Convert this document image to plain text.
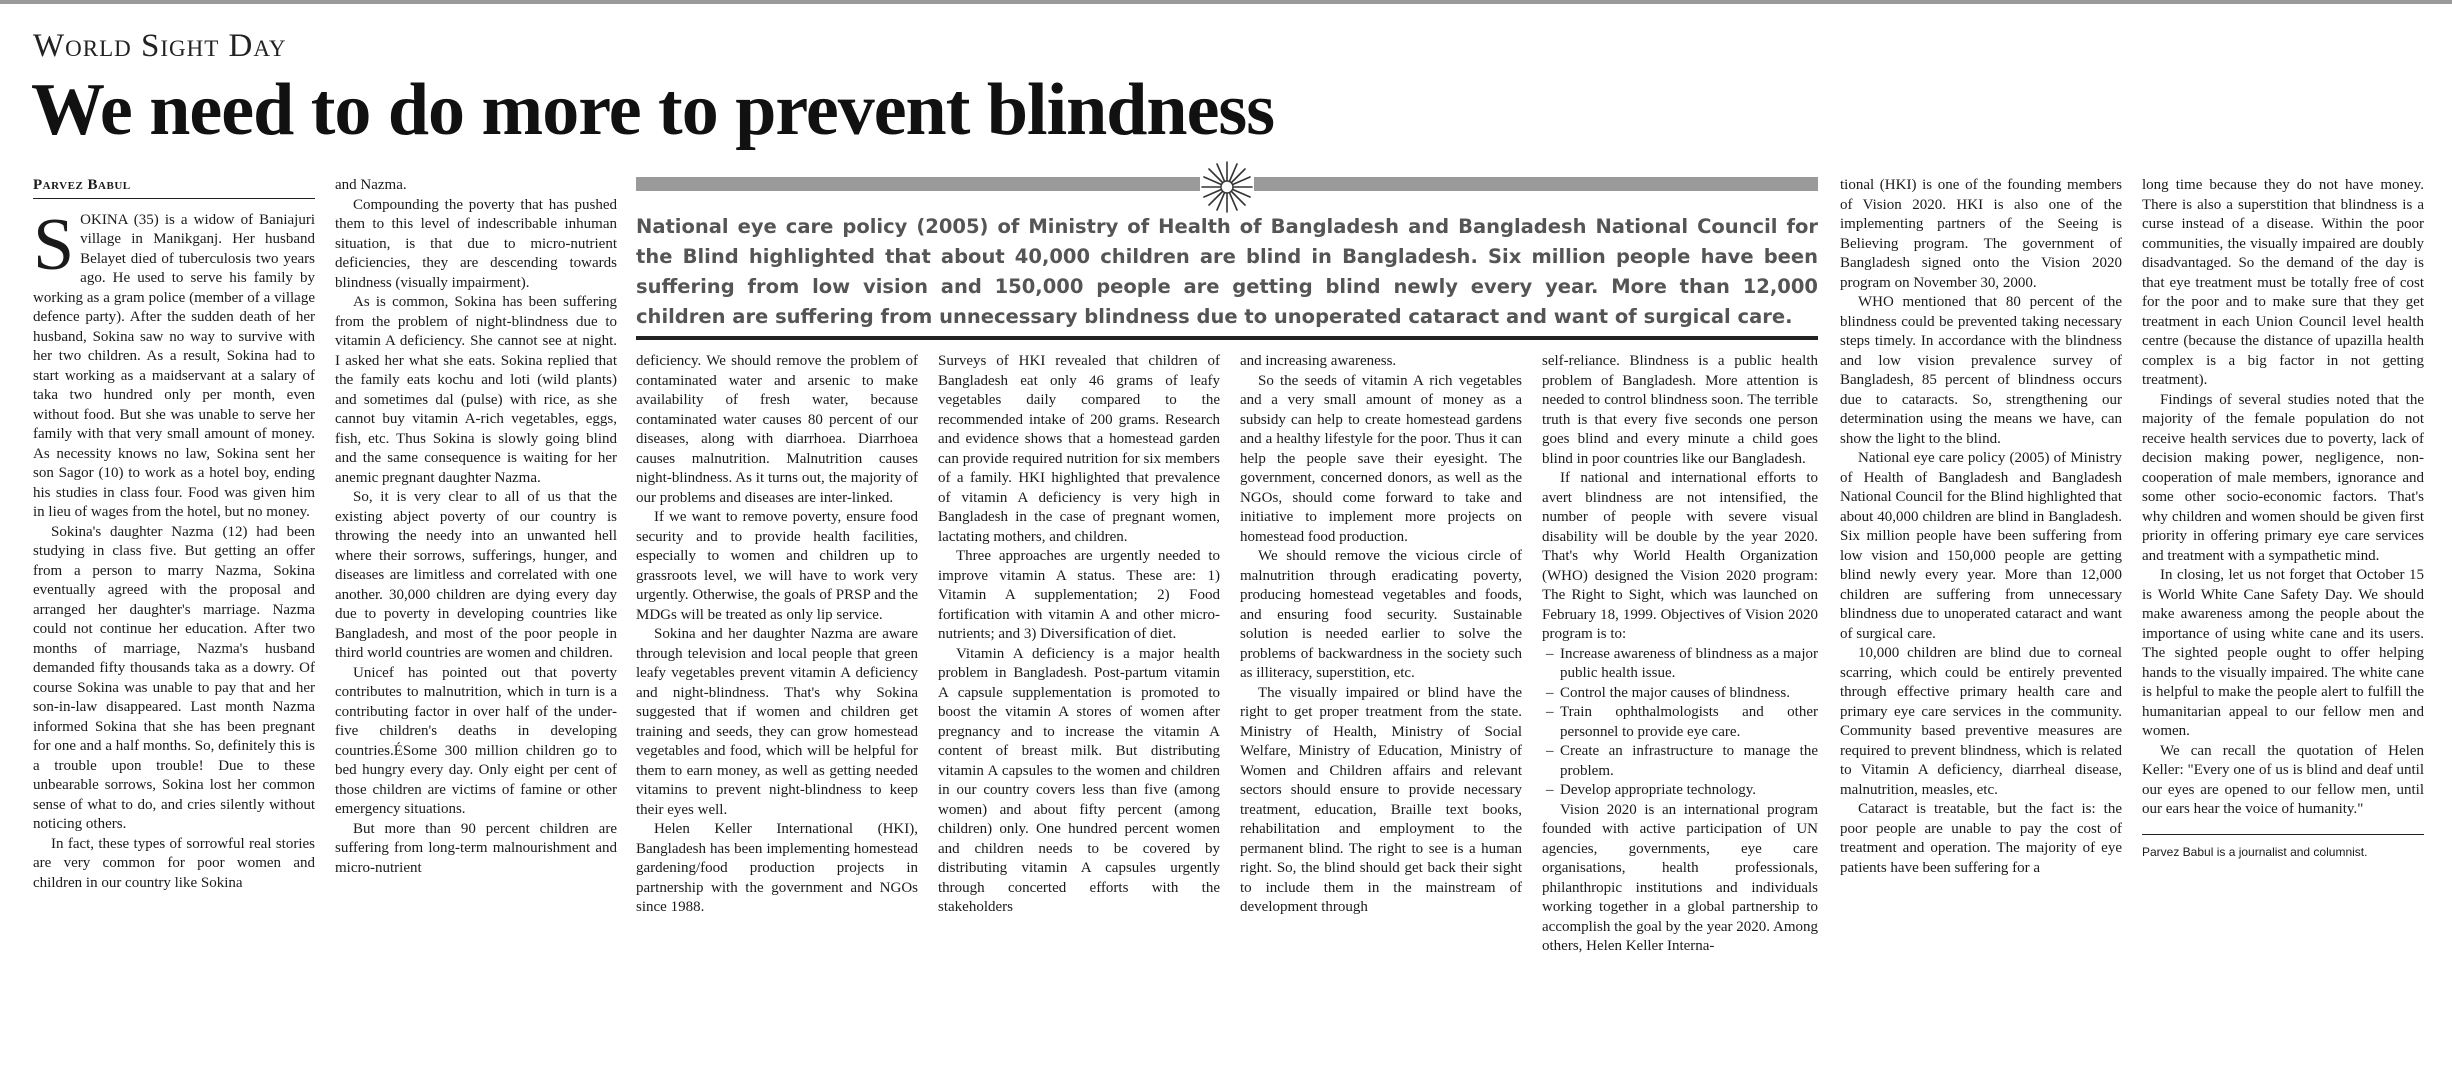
World Sight Day
We need to do more to prevent blindness
Parvez Babul

SOKINA (35) is a widow of Baniajuri village in Manikganj. Her husband Belayet died of tuberculosis two years ago. He used to serve his family by working as a gram police (member of a village defence party). After the sudden death of her husband, Sokina saw no way to survive with her two children. As a result, Sokina had to start working as a maidservant at a salary of taka two hundred only per month, even without food. But she was unable to serve her family with that very small amount of money. As necessity knows no law, Sokina sent her son Sagor (10) to work as a hotel boy, ending his studies in class four. Food was given him in lieu of wages from the hotel, but no money.

Sokina's daughter Nazma (12) had been studying in class five. But getting an offer from a person to marry Nazma, Sokina eventually agreed with the proposal and arranged her daughter's marriage. Nazma could not continue her education. After two months of marriage, Nazma's husband demanded fifty thousands taka as a dowry. Of course Sokina was unable to pay that and her son-in-law disappeared. Last month Nazma informed Sokina that she has been pregnant for one and a half months. So, definitely this is a trouble upon trouble! Due to these unbearable sorrows, Sokina lost her common sense of what to do, and cries silently without noticing others.

In fact, these types of sorrowful real stories are very common for poor women and children in our country like Sokina

and Nazma.

Compounding the poverty that has pushed them to this level of indescribable inhuman situation, is that due to micro-nutrient deficiencies, they are descending towards blindness (visually impairment).

As is common, Sokina has been suffering from the problem of night-blindness due to vitamin A deficiency. She cannot see at night. I asked her what she eats. Sokina replied that the family eats kochu and loti (wild plants) and sometimes dal (pulse) with rice, as she cannot buy vitamin A-rich vegetables, eggs, fish, etc. Thus Sokina is slowly going blind and the same consequence is waiting for her anemic pregnant daughter Nazma.

So, it is very clear to all of us that the existing abject poverty of our country is throwing the needy into an unwanted hell where their sorrows, sufferings, hunger, and diseases are limitless and correlated with one another. 30,000 children are dying every day due to poverty in developing countries like Bangladesh, and most of the poor people in third world countries are women and children.

Unicef has pointed out that poverty contributes to malnutrition, which in turn is a contributing factor in over half of the under-five children's deaths in developing countries.ÉSome 300 million children go to bed hungry every day. Only eight per cent of those children are victims of famine or other emergency situations.

But more than 90 percent children are suffering from long-term malnourishment and micro-nutrient

National eye care policy (2005) of Ministry of Health of Bangladesh and Bangladesh National Council for the Blind highlighted that about 40,000 children are blind in Bangladesh. Six million people have been suffering from low vision and 150,000 people are getting blind newly every year. More than 12,000 children are suffering from unnecessary blindness due to unoperated cataract and want of surgical care.

deficiency. We should remove the problem of contaminated water and arsenic to make availability of fresh water, because contaminated water causes 80 percent of our diseases, along with diarrhoea. Diarrhoea causes malnutrition. Malnutrition causes night-blindness. As it turns out, the majority of our problems and diseases are inter-linked.

If we want to remove poverty, ensure food security and to provide health facilities, especially to women and children up to grassroots level, we will have to work very urgently. Otherwise, the goals of PRSP and the MDGs will be treated as only lip service.

Sokina and her daughter Nazma are aware through television and local people that green leafy vegetables prevent vitamin A deficiency and night-blindness. That's why Sokina suggested that if women and children get training and seeds, they can grow homestead vegetables and food, which will be helpful for them to earn money, as well as getting needed vitamins to prevent night-blindness to keep their eyes well.

Helen Keller International (HKI), Bangladesh has been implementing homestead gardening/food production projects in partnership with the government and NGOs since 1988.

Surveys of HKI revealed that children of Bangladesh eat only 46 grams of leafy vegetables daily compared to the recommended intake of 200 grams. Research and evidence shows that a homestead garden can provide required nutrition for six members of a family. HKI highlighted that prevalence of vitamin A deficiency is very high in Bangladesh in the case of pregnant women, lactating mothers, and children.

Three approaches are urgently needed to improve vitamin A status. These are: 1) Vitamin A supplementation; 2) Food fortification with vitamin A and other micro-nutrients; and 3) Diversification of diet.

Vitamin A deficiency is a major health problem in Bangladesh. Post-partum vitamin A capsule supplementation is promoted to boost the vitamin A stores of women after pregnancy and to increase the vitamin A content of breast milk. But distributing vitamin A capsules to the women and children in our country covers less than five (among women) and about fifty percent (among children) only. One hundred percent women and children needs to be covered by distributing vitamin A capsules urgently through concerted efforts with the stakeholders

and increasing awareness.

So the seeds of vitamin A rich vegetables and a very small amount of money as a subsidy can help to create homestead gardens and a healthy lifestyle for the poor. Thus it can help the people save their eyesight. The government, concerned donors, as well as the NGOs, should come forward to take and initiative to implement more projects on homestead food production.

We should remove the vicious circle of malnutrition through eradicating poverty, producing homestead vegetables and foods, and ensuring food security. Sustainable solution is needed earlier to solve the problems of backwardness in the society such as illiteracy, superstition, etc.

The visually impaired or blind have the right to get proper treatment from the state. Ministry of Health, Ministry of Social Welfare, Ministry of Education, Ministry of Women and Children affairs and relevant sectors should ensure to provide necessary treatment, education, Braille text books, rehabilitation and employment to the permanent blind. The right to see is a human right. So, the blind should get back their sight to include them in the mainstream of development through

self-reliance. Blindness is a public health problem of Bangladesh. More attention is needed to control blindness soon. The terrible truth is that every five seconds one person goes blind and every minute a child goes blind in poor countries like our Bangladesh.

If national and international efforts to avert blindness are not intensified, the number of people with severe visual disability will be double by the year 2020. That's why World Health Organization (WHO) designed the Vision 2020 program: The Right to Sight, which was launched on February 18, 1999. Objectives of Vision 2020 program is to:

– Increase awareness of blindness as a major public health issue.
– Control the major causes of blindness.
– Train ophthalmologists and other personnel to provide eye care.
– Create an infrastructure to manage the problem.
– Develop appropriate technology.

Vision 2020 is an international program founded with active participation of UN agencies, governments, eye care organisations, health professionals, philanthropic institutions and individuals working together in a global partnership to accomplish the goal by the year 2020. Among others, Helen Keller Interna-

tional (HKI) is one of the founding members of Vision 2020. HKI is also one of the implementing partners of the Seeing is Believing program. The government of Bangladesh signed onto the Vision 2020 program on November 30, 2000.

WHO mentioned that 80 percent of the blindness could be prevented taking necessary steps timely. In accordance with the blindness and low vision prevalence survey of Bangladesh, 85 percent of blindness occurs due to cataracts. So, strengthening our determination using the means we have, can show the light to the blind.

National eye care policy (2005) of Ministry of Health of Bangladesh and Bangladesh National Council for the Blind highlighted that about 40,000 children are blind in Bangladesh. Six million people have been suffering from low vision and 150,000 people are getting blind newly every year. More than 12,000 children are suffering from unnecessary blindness due to unoperated cataract and want of surgical care.

10,000 children are blind due to corneal scarring, which could be entirely prevented through effective primary health care and primary eye care services in the community. Community based preventive measures are required to prevent blindness, which is related to Vitamin A deficiency, diarrheal disease, malnutrition, measles, etc.

Cataract is treatable, but the fact is: the poor people are unable to pay the cost of treatment and operation. The majority of eye patients have been suffering for a

long time because they do not have money. There is also a superstition that blindness is a curse instead of a disease. Within the poor communities, the visually impaired are doubly disadvantaged. So the demand of the day is that eye treatment must be totally free of cost for the poor and to make sure that they get treatment in each Union Council level health centre (because the distance of upazilla health complex is a big factor in not getting treatment).

Findings of several studies noted that the majority of the female population do not receive health services due to poverty, lack of decision making power, negligence, non-cooperation of male members, ignorance and some other socio-economic factors. That's why children and women should be given first priority in offering primary eye care services and treatment with a sympathetic mind.

In closing, let us not forget that October 15 is World White Cane Safety Day. We should make awareness among the people about the importance of using white cane and its users. The sighted people ought to offer helping hands to the visually impaired. The white cane is helpful to make the people alert to fulfill the humanitarian appeal to our fellow men and women.

We can recall the quotation of Helen Keller: "Every one of us is blind and deaf until our eyes are opened to our fellow men, until our ears hear the voice of humanity."

Parvez Babul is a journalist and columnist.
